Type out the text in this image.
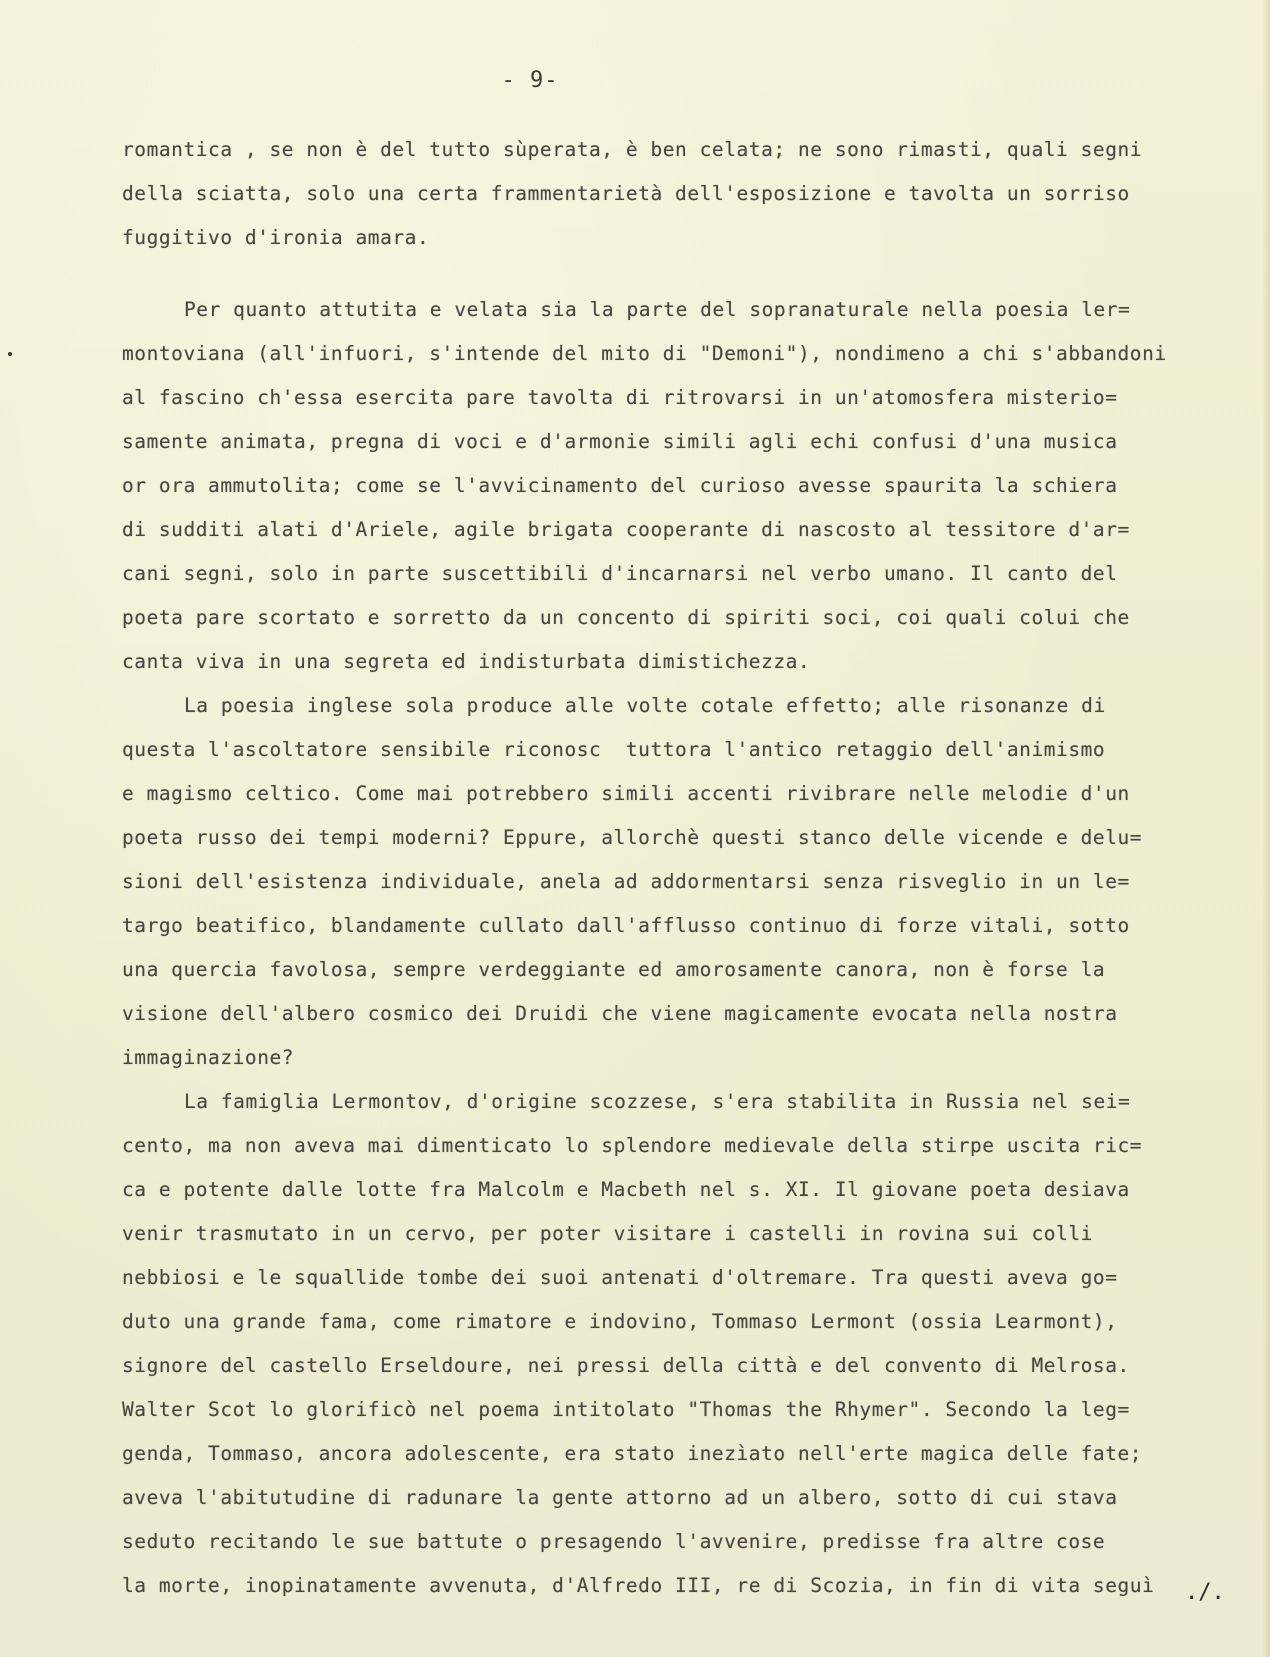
- 9-
romantica , se non è del tutto sùperata, è ben celata; ne sono rimasti, quali segni
della sciatta, solo una certa frammentarietà dell'esposizione e tavolta un sorriso
fuggitivo d'ironia amara.
Per quanto attutita e velata sia la parte del sopranaturale nella poesia ler=
montoviana (all'infuori, s'intende del mito di "Demoni"), nondimeno a chi s'abbandoni
al fascino ch'essa esercita pare tavolta di ritrovarsi in un'atomosfera misterio=
samente animata, pregna di voci e d'armonie simili agli echi confusi d'una musica
or ora ammutolita; come se l'avvicinamento del curioso avesse spaurita la schiera
di sudditi alati d'Ariele, agile brigata cooperante di nascosto al tessitore d'ar=
cani segni, solo in parte suscettibili d'incarnarsi nel verbo umano. Il canto del
poeta pare scortato e sorretto da un concento di spiriti soci, coi quali colui che
canta viva in una segreta ed indisturbata dimistichezza.
La poesia inglese sola produce alle volte cotale effetto; alle risonanze di
questa l'ascoltatore sensibile riconosc  tuttora l'antico retaggio dell'animismo
e magismo celtico. Come mai potrebbero simili accenti rivibrare nelle melodie d'un
poeta russo dei tempi moderni? Eppure, allorchè questi stanco delle vicende e delu=
sioni dell'esistenza individuale, anela ad addormentarsi senza risveglio in un le=
targo beatifico, blandamente cullato dall'afflusso continuo di forze vitali, sotto
una quercia favolosa, sempre verdeggiante ed amorosamente canora, non è forse la
visione dell'albero cosmico dei Druidi che viene magicamente evocata nella nostra
immaginazione?
La famiglia Lermontov, d'origine scozzese, s'era stabilita in Russia nel sei=
cento, ma non aveva mai dimenticato lo splendore medievale della stirpe uscita ric=
ca e potente dalle lotte fra Malcolm e Macbeth nel s. XI. Il giovane poeta desiava
venir trasmutato in un cervo, per poter visitare i castelli in rovina sui colli
nebbiosi e le squallide tombe dei suoi antenati d'oltremare. Tra questi aveva go=
duto una grande fama, come rimatore e indovino, Tommaso Lermont (ossia Learmont),
signore del castello Erseldoure, nei pressi della città e del convento di Melrosa.
Walter Scot lo glorificò nel poema intitolato "Thomas the Rhymer". Secondo la leg=
genda, Tommaso, ancora adolescente, era stato inezìato nell'erte magica delle fate;
aveva l'abitutudine di radunare la gente attorno ad un albero, sotto di cui stava
seduto recitando le sue battute o presagendo l'avvenire, predisse fra altre cose
la morte, inopinatamente avvenuta, d'Alfredo III, re di Scozia, in fin di vita seguì	./.
